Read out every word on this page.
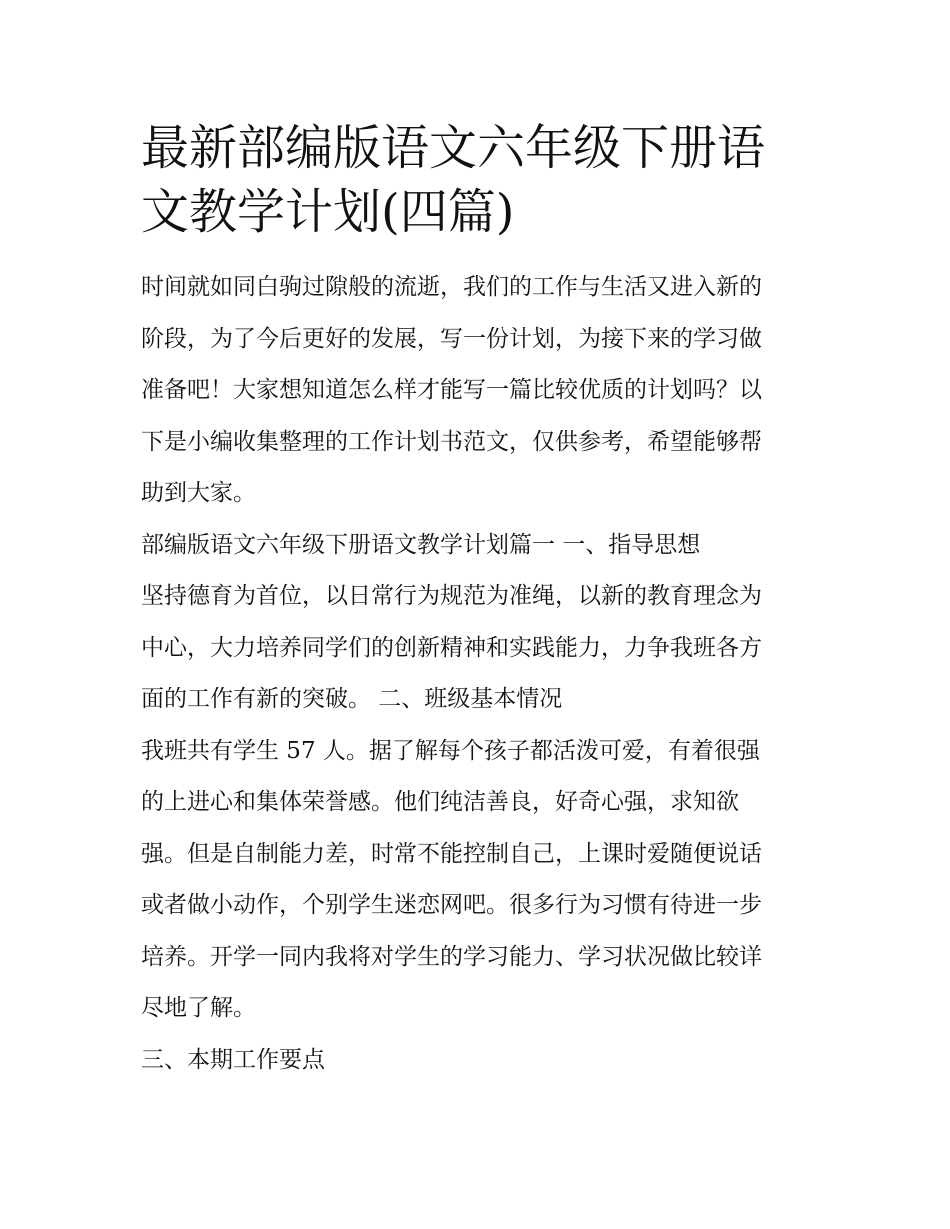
最新部编版语文六年级下册语
文教学计划(四篇)

时间就如同白驹过隙般的流逝，我们的工作与生活又进入新的
阶段，为了今后更好的发展，写一份计划，为接下来的学习做
准备吧！大家想知道怎么样才能写一篇比较优质的计划吗？以
下是小编收集整理的工作计划书范文，仅供参考，希望能够帮
助到大家。

部编版语文六年级下册语文教学计划篇一 一、指导思想

坚持德育为首位，以日常行为规范为准绳，以新的教育理念为
中心，大力培养同学们的创新精神和实践能力，力争我班各方
面的工作有新的突破。 二、班级基本情况

我班共有学生 57 人。据了解每个孩子都活泼可爱，有着很强
的上进心和集体荣誉感。他们纯洁善良，好奇心强，求知欲
强。但是自制能力差，时常不能控制自己，上课时爱随便说话
或者做小动作，个别学生迷恋网吧。很多行为习惯有待进一步
培养。开学一同内我将对学生的学习能力、学习状况做比较详
尽地了解。

三、本期工作要点
